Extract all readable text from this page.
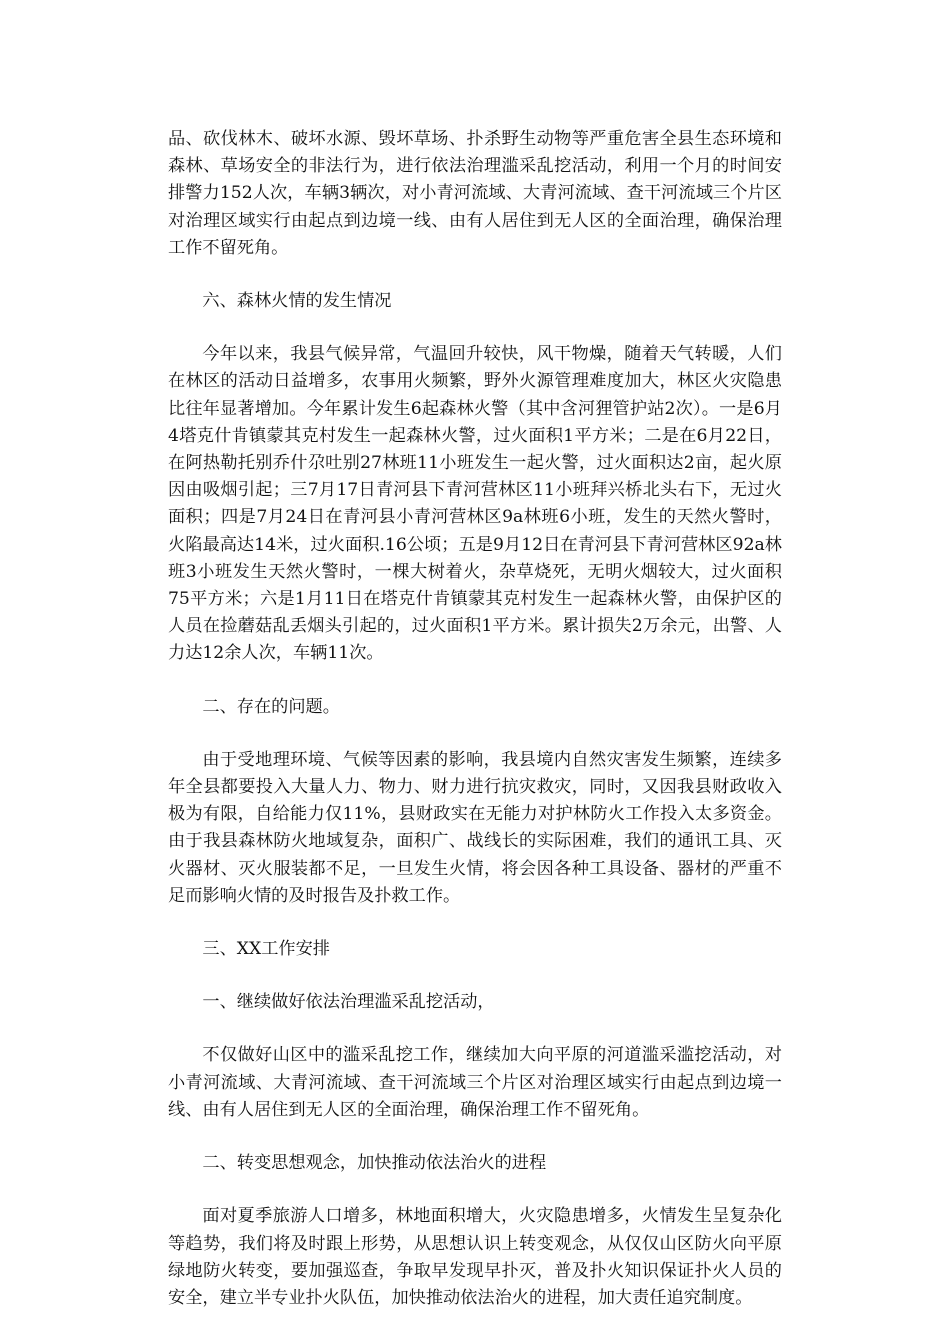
品、砍伐林木、破坏水源、毁坏草场、扑杀野生动物等严重危害全县生态环境和森林、草场安全的非法行为，进行依法治理滥采乱挖活动，利用一个月的时间安排警力152人次，车辆3辆次，对小青河流域、大青河流域、查干河流域三个片区对治理区域实行由起点到边境一线、由有人居住到无人区的全面治理，确保治理工作不留死角。

六、森林火情的发生情况

今年以来，我县气候异常，气温回升较快，风干物燥，随着天气转暖，人们在林区的活动日益增多，农事用火频繁，野外火源管理难度加大，林区火灾隐患比往年显著增加。今年累计发生6起森林火警（其中含河狸管护站2次）。一是6月4塔克什肯镇蒙其克村发生一起森林火警，过火面积1平方米；二是在6月22日，在阿热勒托别乔什尕吐别27林班11小班发生一起火警，过火面积达2亩，起火原因由吸烟引起；三7月17日青河县下青河营林区11小班拜兴桥北头右下，无过火面积；四是7月24日在青河县小青河营林区9a林班6小班，发生的天然火警时，火陷最高达14米，过火面积.16公顷；五是9月12日在青河县下青河营林区92a林班3小班发生天然火警时，一棵大树着火，杂草烧死，无明火烟较大，过火面积75平方米；六是1月11日在塔克什肯镇蒙其克村发生一起森林火警，由保护区的人员在捡蘑菇乱丢烟头引起的，过火面积1平方米。累计损失2万余元，出警、人力达12余人次，车辆11次。

二、存在的问题。

由于受地理环境、气候等因素的影响，我县境内自然灾害发生频繁，连续多年全县都要投入大量人力、物力、财力进行抗灾救灾，同时，又因我县财政收入极为有限，自给能力仅11%，县财政实在无能力对护林防火工作投入太多资金。由于我县森林防火地域复杂，面积广、战线长的实际困难，我们的通讯工具、灭火器材、灭火服装都不足，一旦发生火情，将会因各种工具设备、器材的严重不足而影响火情的及时报告及扑救工作。

三、XX工作安排

一、继续做好依法治理滥采乱挖活动，

不仅做好山区中的滥采乱挖工作，继续加大向平原的河道滥采滥挖活动，对小青河流域、大青河流域、查干河流域三个片区对治理区域实行由起点到边境一线、由有人居住到无人区的全面治理，确保治理工作不留死角。

二、转变思想观念，加快推动依法治火的进程

面对夏季旅游人口增多，林地面积增大，火灾隐患增多，火情发生呈复杂化等趋势，我们将及时跟上形势，从思想认识上转变观念，从仅仅山区防火向平原绿地防火转变，要加强巡查，争取早发现早扑灭，普及扑火知识保证扑火人员的安全，建立半专业扑火队伍，加快推动依法治火的进程，加大责任追究制度。
